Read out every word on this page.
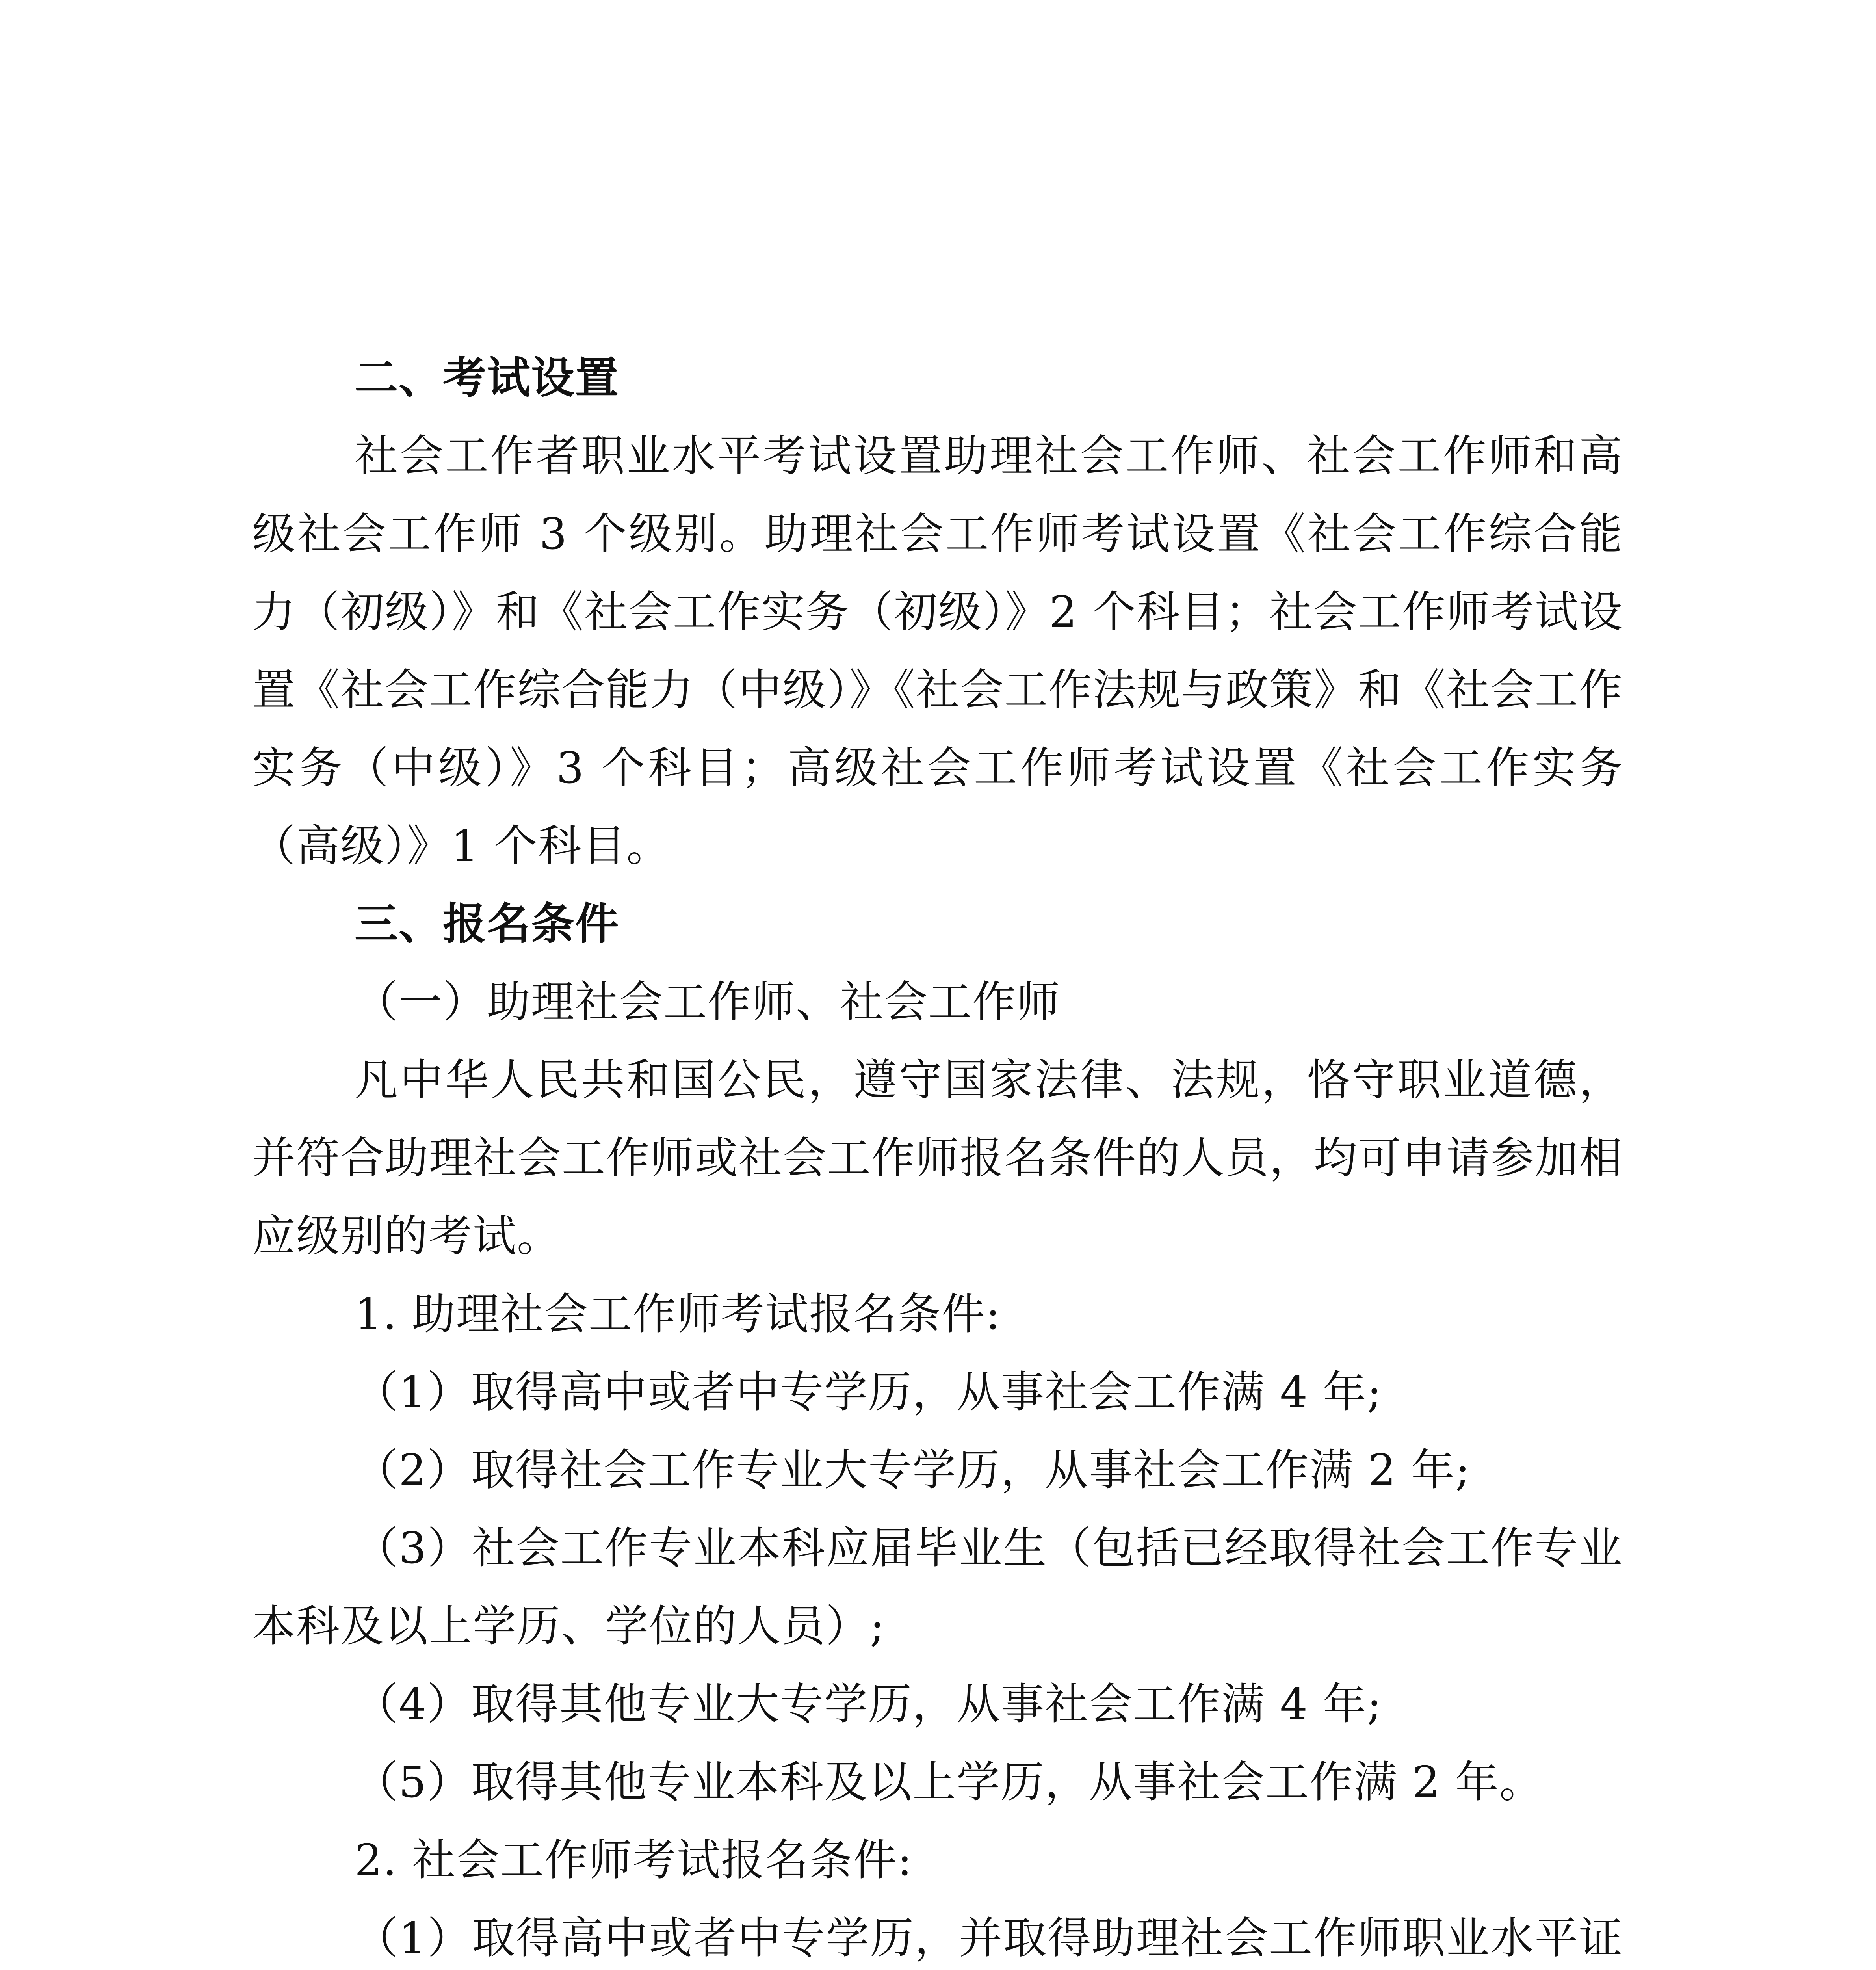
二、考试设置

社会工作者职业水平考试设置助理社会工作师、社会工作师和高级社会工作师 3 个级别。助理社会工作师考试设置《社会工作综合能力（初级）》和《社会工作实务（初级）》2 个科目；社会工作师考试设置《社会工作综合能力（中级）》《社会工作法规与政策》和《社会工作实务（中级）》3 个科目；高级社会工作师考试设置《社会工作实务（高级）》1 个科目。

三、报名条件

（一）助理社会工作师、社会工作师

凡中华人民共和国公民，遵守国家法律、法规，恪守职业道德，并符合助理社会工作师或社会工作师报名条件的人员，均可申请参加相应级别的考试。

1. 助理社会工作师考试报名条件:

（1）取得高中或者中专学历，从事社会工作满 4 年;

（2）取得社会工作专业大专学历，从事社会工作满 2 年;

（3）社会工作专业本科应届毕业生（包括已经取得社会工作专业本科及以上学历、学位的人员）;

（4）取得其他专业大专学历，从事社会工作满 4 年;

（5）取得其他专业本科及以上学历，从事社会工作满 2 年。

2. 社会工作师考试报名条件:

（1）取得高中或者中专学历，并取得助理社会工作师职业水平证
